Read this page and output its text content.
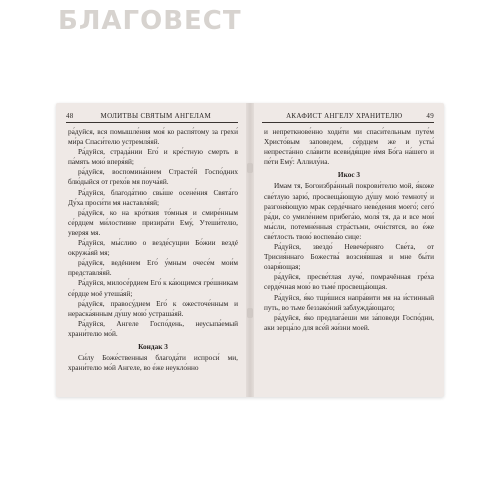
БЛАГОВЕСТ
48	МОЛИТВЫ СВЯТЫМ АНГЕЛАМ

ра́дуйся, вся помышле́ния моя́ ко распя́тому за грехи́ ми́ра Спаси́телю устремля́яй.

Ра́дуйся, страда́нии Его́ и кре́стную смерть в па́мять мою́ вперя́яй;

ра́дуйся, воспомина́нием Страсте́й Госпо́дних блю́дыйся от грехо́в мя поуча́яй.

Ра́дуйся, благода́тию свы́ше осене́ния Свята́го Ду́ха проси́ти мя наставля́яй;

ра́дуйся, ко на кро́ткия то́мныя и смире́нным се́рдцем ми́лостивне призира́ти Ему́, Утеши́телю, уверяя мя.

Ра́дуйся, мы́слию о везде́сущии Бо́жии вездé окружа́яй мя;

ра́дуйся, ведéнием Его́ у́мным очесе́м мои́м представля́яй.

Ра́дуйся, милосе́рдием Его́ к ка́ющимся гре́шникам се́рдце моё утеша́яй;

ра́дуйся, правосу́дием Его́ к ожесточе́нным и нераска́янным ду́шу мою́ устраша́яй.

Ра́дуйся, Ангеле Госпо́день, неусыпа́емый храни́телю мо́й.

Кондак 3

Си́лу Боже́ственныя благода́ти испроси́ ми, храни́телю мо́й Ангеле, во е́же неукло́нно

АКАФИСТ АНГЕЛУ ХРАНИТЕЛЮ	49

и непреткнове́нно ходи́ти ми спаси́тельным путе́м Христо́вым заповедем, се́рдцем же и усты́ непреста́нно сла́вити всеви́дя́щие и́мя Бо́га на́шего и пе́ти Ему́: Аллилу́иа.

Икос 3

Имам тя, Богоизбра́нный покрови́телю мой, я́коже све́тлую зарю́, просвеща́ющую ду́шу мою́ темноту́ и разгоня́ющую мрак серде́чнаго неве́дения моего́; сего́ ра́ди, со умиле́нием прибега́ю, моля́ тя, да и все мои́ мы́сли, потемне́нныя стра́стьми, очи́стятся, во е́же све́тлость твою́ воспева́ю сице:

Ра́дуйся, звездо́ Невече́рняго Све́та, от Трисия́ннаго Божества́ возсия́вшая и мне бы́ти озаря́ющая;

ра́дуйся, пресве́тлая луче́, помрачённая гре́ха серде́чная мою́ во тьме́ просвеща́ющая.

Ра́дуйся, я́ко тщи́шися напра́вити мя на и́стинный путь, во тьме беззако́ний заблужда́ющаго;

ра́дуйся, я́ко предлага́еши ми за́поведи Госпо́дни, аки зерца́ло для все́й жи́зни моей.
